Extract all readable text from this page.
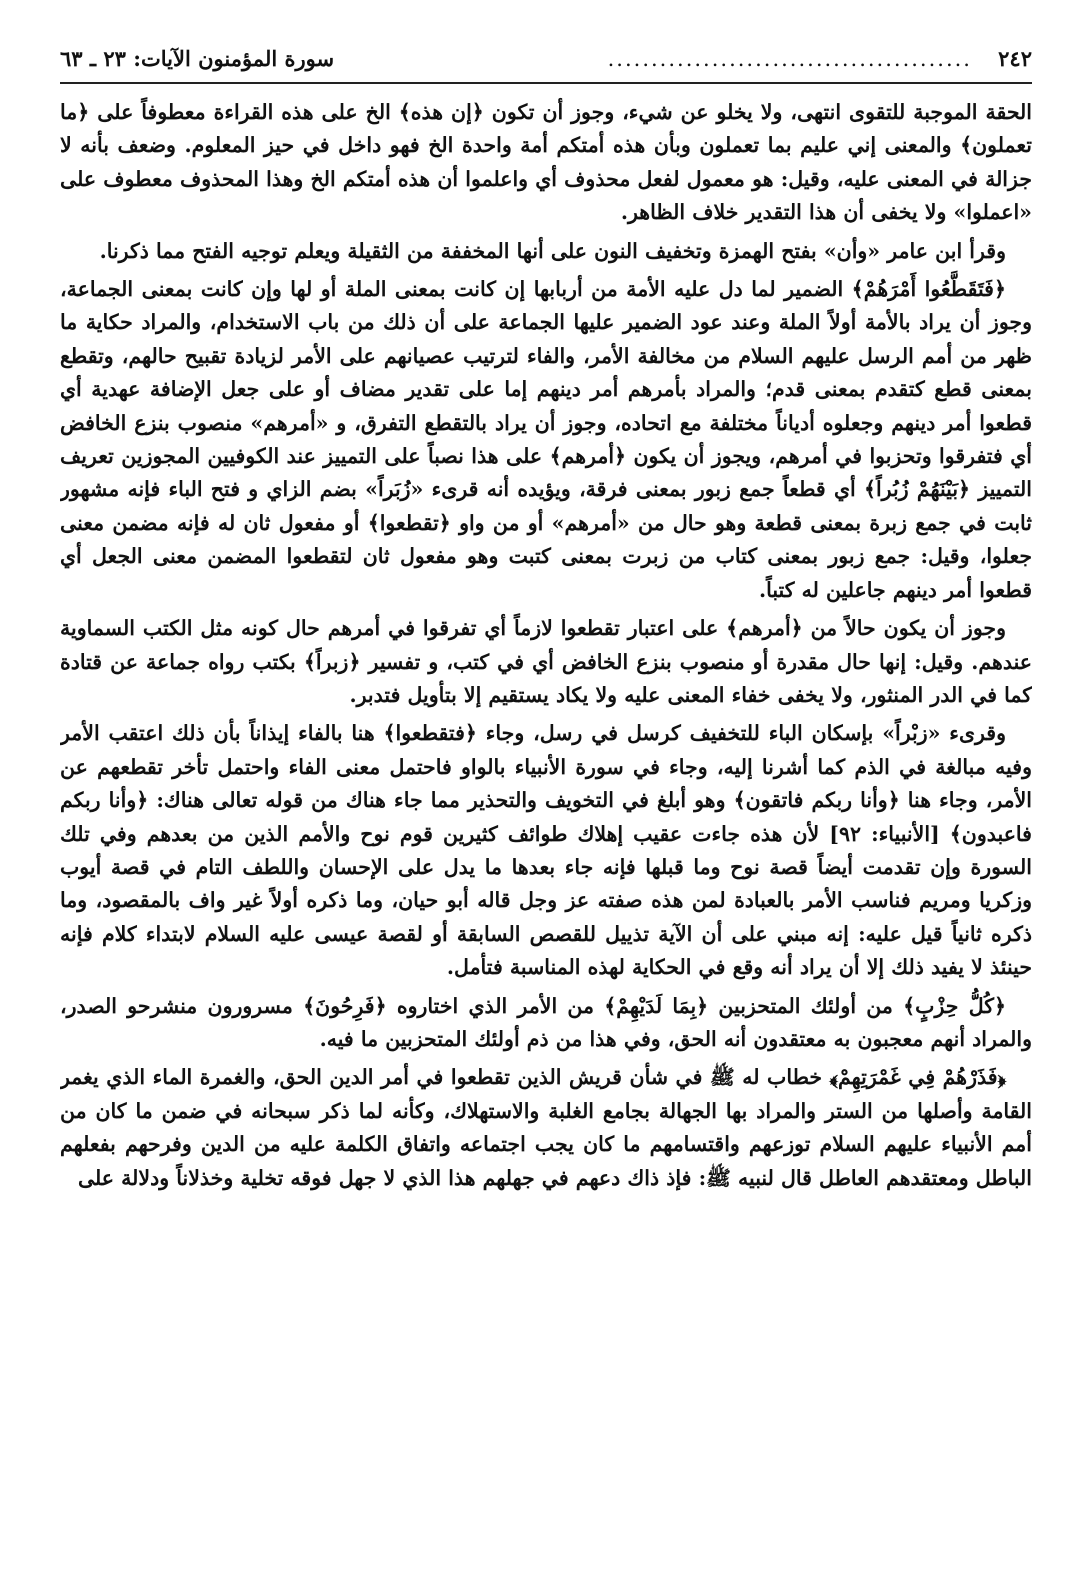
٢٤٢
..........................................
سورة المؤمنون الآيات: ٢٣ ـ ٦٣

الحقة الموجبة للتقوى انتهى، ولا يخلو عن شيء، وجوز أن تكون ﴿إن هذه﴾ الخ على هذه القراءة معطوفاً على ﴿ما تعملون﴾ والمعنى إني عليم بما تعملون وبأن هذه أمتكم أمة واحدة الخ فهو داخل في حيز المعلوم. وضعف بأنه لا جزالة في المعنى عليه، وقيل: هو معمول لفعل محذوف أي واعلموا أن هذه أمتكم الخ وهذا المحذوف معطوف على «اعملوا» ولا يخفى أن هذا التقدير خلاف الظاهر.

وقرأ ابن عامر «وأن» بفتح الهمزة وتخفيف النون على أنها المخففة من الثقيلة ويعلم توجيه الفتح مما ذكرنا.

﴿فَتَقَطَّعُوا أَمْرَهُمْ﴾ الضمير لما دل عليه الأمة من أربابها إن كانت بمعنى الملة أو لها وإن كانت بمعنى الجماعة، وجوز أن يراد بالأمة أولاً الملة وعند عود الضمير عليها الجماعة على أن ذلك من باب الاستخدام، والمراد حكاية ما ظهر من أمم الرسل عليهم السلام من مخالفة الأمر، والفاء لترتيب عصيانهم على الأمر لزيادة تقبيح حالهم، وتقطع بمعنى قطع كتقدم بمعنى قدم؛ والمراد بأمرهم أمر دينهم إما على تقدير مضاف أو على جعل الإضافة عهدية أي قطعوا أمر دينهم وجعلوه أدياناً مختلفة مع اتحاده، وجوز أن يراد بالتقطع التفرق، و «أمرهم» منصوب بنزع الخافض أي فتفرقوا وتحزبوا في أمرهم، ويجوز أن يكون ﴿أمرهم﴾ على هذا نصباً على التمييز عند الكوفيين المجوزين تعريف التمييز ﴿بَيْنَهُمْ زُبُراً﴾ أي قطعاً جمع زبور بمعنى فرقة، ويؤيده أنه قرىء «زُبَراً» بضم الزاي و فتح الباء فإنه مشهور ثابت في جمع زبرة بمعنى قطعة وهو حال من «أمرهم» أو من واو ﴿تقطعوا﴾ أو مفعول ثان له فإنه مضمن معنى جعلوا، وقيل: جمع زبور بمعنى كتاب من زبرت بمعنى كتبت وهو مفعول ثان لتقطعوا المضمن معنى الجعل أي قطعوا أمر دينهم جاعلين له كتباً.

وجوز أن يكون حالاً من ﴿أمرهم﴾ على اعتبار تقطعوا لازماً أي تفرقوا في أمرهم حال كونه مثل الكتب السماوية عندهم. وقيل: إنها حال مقدرة أو منصوب بنزع الخافض أي في كتب، و تفسير ﴿زبراً﴾ بكتب رواه جماعة عن قتادة كما في الدر المنثور، ولا يخفى خفاء المعنى عليه ولا يكاد يستقيم إلا بتأويل فتدبر.

وقرىء «زبْراً» بإسكان الباء للتخفيف كرسل في رسل، وجاء ﴿فتقطعوا﴾ هنا بالفاء إيذاناً بأن ذلك اعتقب الأمر وفيه مبالغة في الذم كما أشرنا إليه، وجاء في سورة الأنبياء بالواو فاحتمل معنى الفاء واحتمل تأخر تقطعهم عن الأمر، وجاء هنا ﴿وأنا ربكم فاتقون﴾ وهو أبلغ في التخويف والتحذير مما جاء هناك من قوله تعالى هناك: ﴿وأنا ربكم فاعبدون﴾ [الأنبياء: ٩٢] لأن هذه جاءت عقيب إهلاك طوائف كثيرين قوم نوح والأمم الذين من بعدهم وفي تلك السورة وإن تقدمت أيضاً قصة نوح وما قبلها فإنه جاء بعدها ما يدل على الإحسان واللطف التام في قصة أيوب وزكريا ومريم فناسب الأمر بالعبادة لمن هذه صفته عز وجل قاله أبو حيان، وما ذكره أولاً غير واف بالمقصود، وما ذكره ثانياً قيل عليه: إنه مبني على أن الآية تذييل للقصص السابقة أو لقصة عيسى عليه السلام لابتداء كلام فإنه حينئذ لا يفيد ذلك إلا أن يراد أنه وقع في الحكاية لهذه المناسبة فتأمل.

﴿كُلُّ حِزْبٍ﴾ من أولئك المتحزبين ﴿بِمَا لَدَيْهِمْ﴾ من الأمر الذي اختاروه ﴿فَرِحُونَ﴾ مسرورون منشرحو الصدر، والمراد أنهم معجبون به معتقدون أنه الحق، وفي هذا من ذم أولئك المتحزبين ما فيه.

﴿فَذَرْهُمْ فِي غَمْرَتِهِمْ﴾ خطاب له ﷺ في شأن قريش الذين تقطعوا في أمر الدين الحق، والغمرة الماء الذي يغمر القامة وأصلها من الستر والمراد بها الجهالة بجامع الغلبة والاستهلاك، وكأنه لما ذكر سبحانه في ضمن ما كان من أمم الأنبياء عليهم السلام توزعهم واقتسامهم ما كان يجب اجتماعه واتفاق الكلمة عليه من الدين وفرحهم بفعلهم الباطل ومعتقدهم العاطل قال لنبيه ﷺ: فإذ ذاك دعهم في جهلهم هذا الذي لا جهل فوقه تخلية وخذلاناً ودلالة على
